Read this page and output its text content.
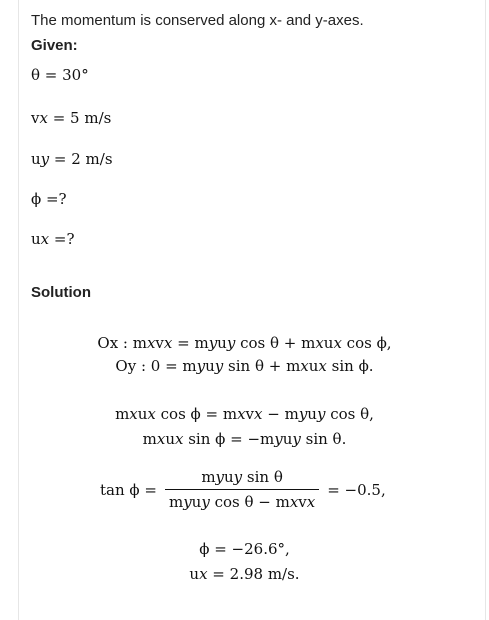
The momentum is conserved along x- and y-axes.
Given:
θ = 30°
v𝑥 = 5 m/s
u𝑦 = 2 m/s
ϕ =?
u𝑥 =?
Solution
Ox : m𝑥v𝑥 = m𝑦u𝑦 cos θ + m𝑥u𝑥 cos ϕ,
Oy : 0 = m𝑦u𝑦 sin θ + m𝑥u𝑥 sin ϕ.
m𝑥u𝑥 cos ϕ = m𝑥v𝑥 − m𝑦u𝑦 cos θ,
m𝑥u𝑥 sin ϕ = −m𝑦u𝑦 sin θ.
$\tan \phi = \frac{\text{m𝑦u𝑦 sin θ}}{\text{m𝑦u𝑦 cos θ − m𝑥v𝑥}} = -0.5$,
ϕ = −26.6°,
u𝑥 = 2.98 m/s.
